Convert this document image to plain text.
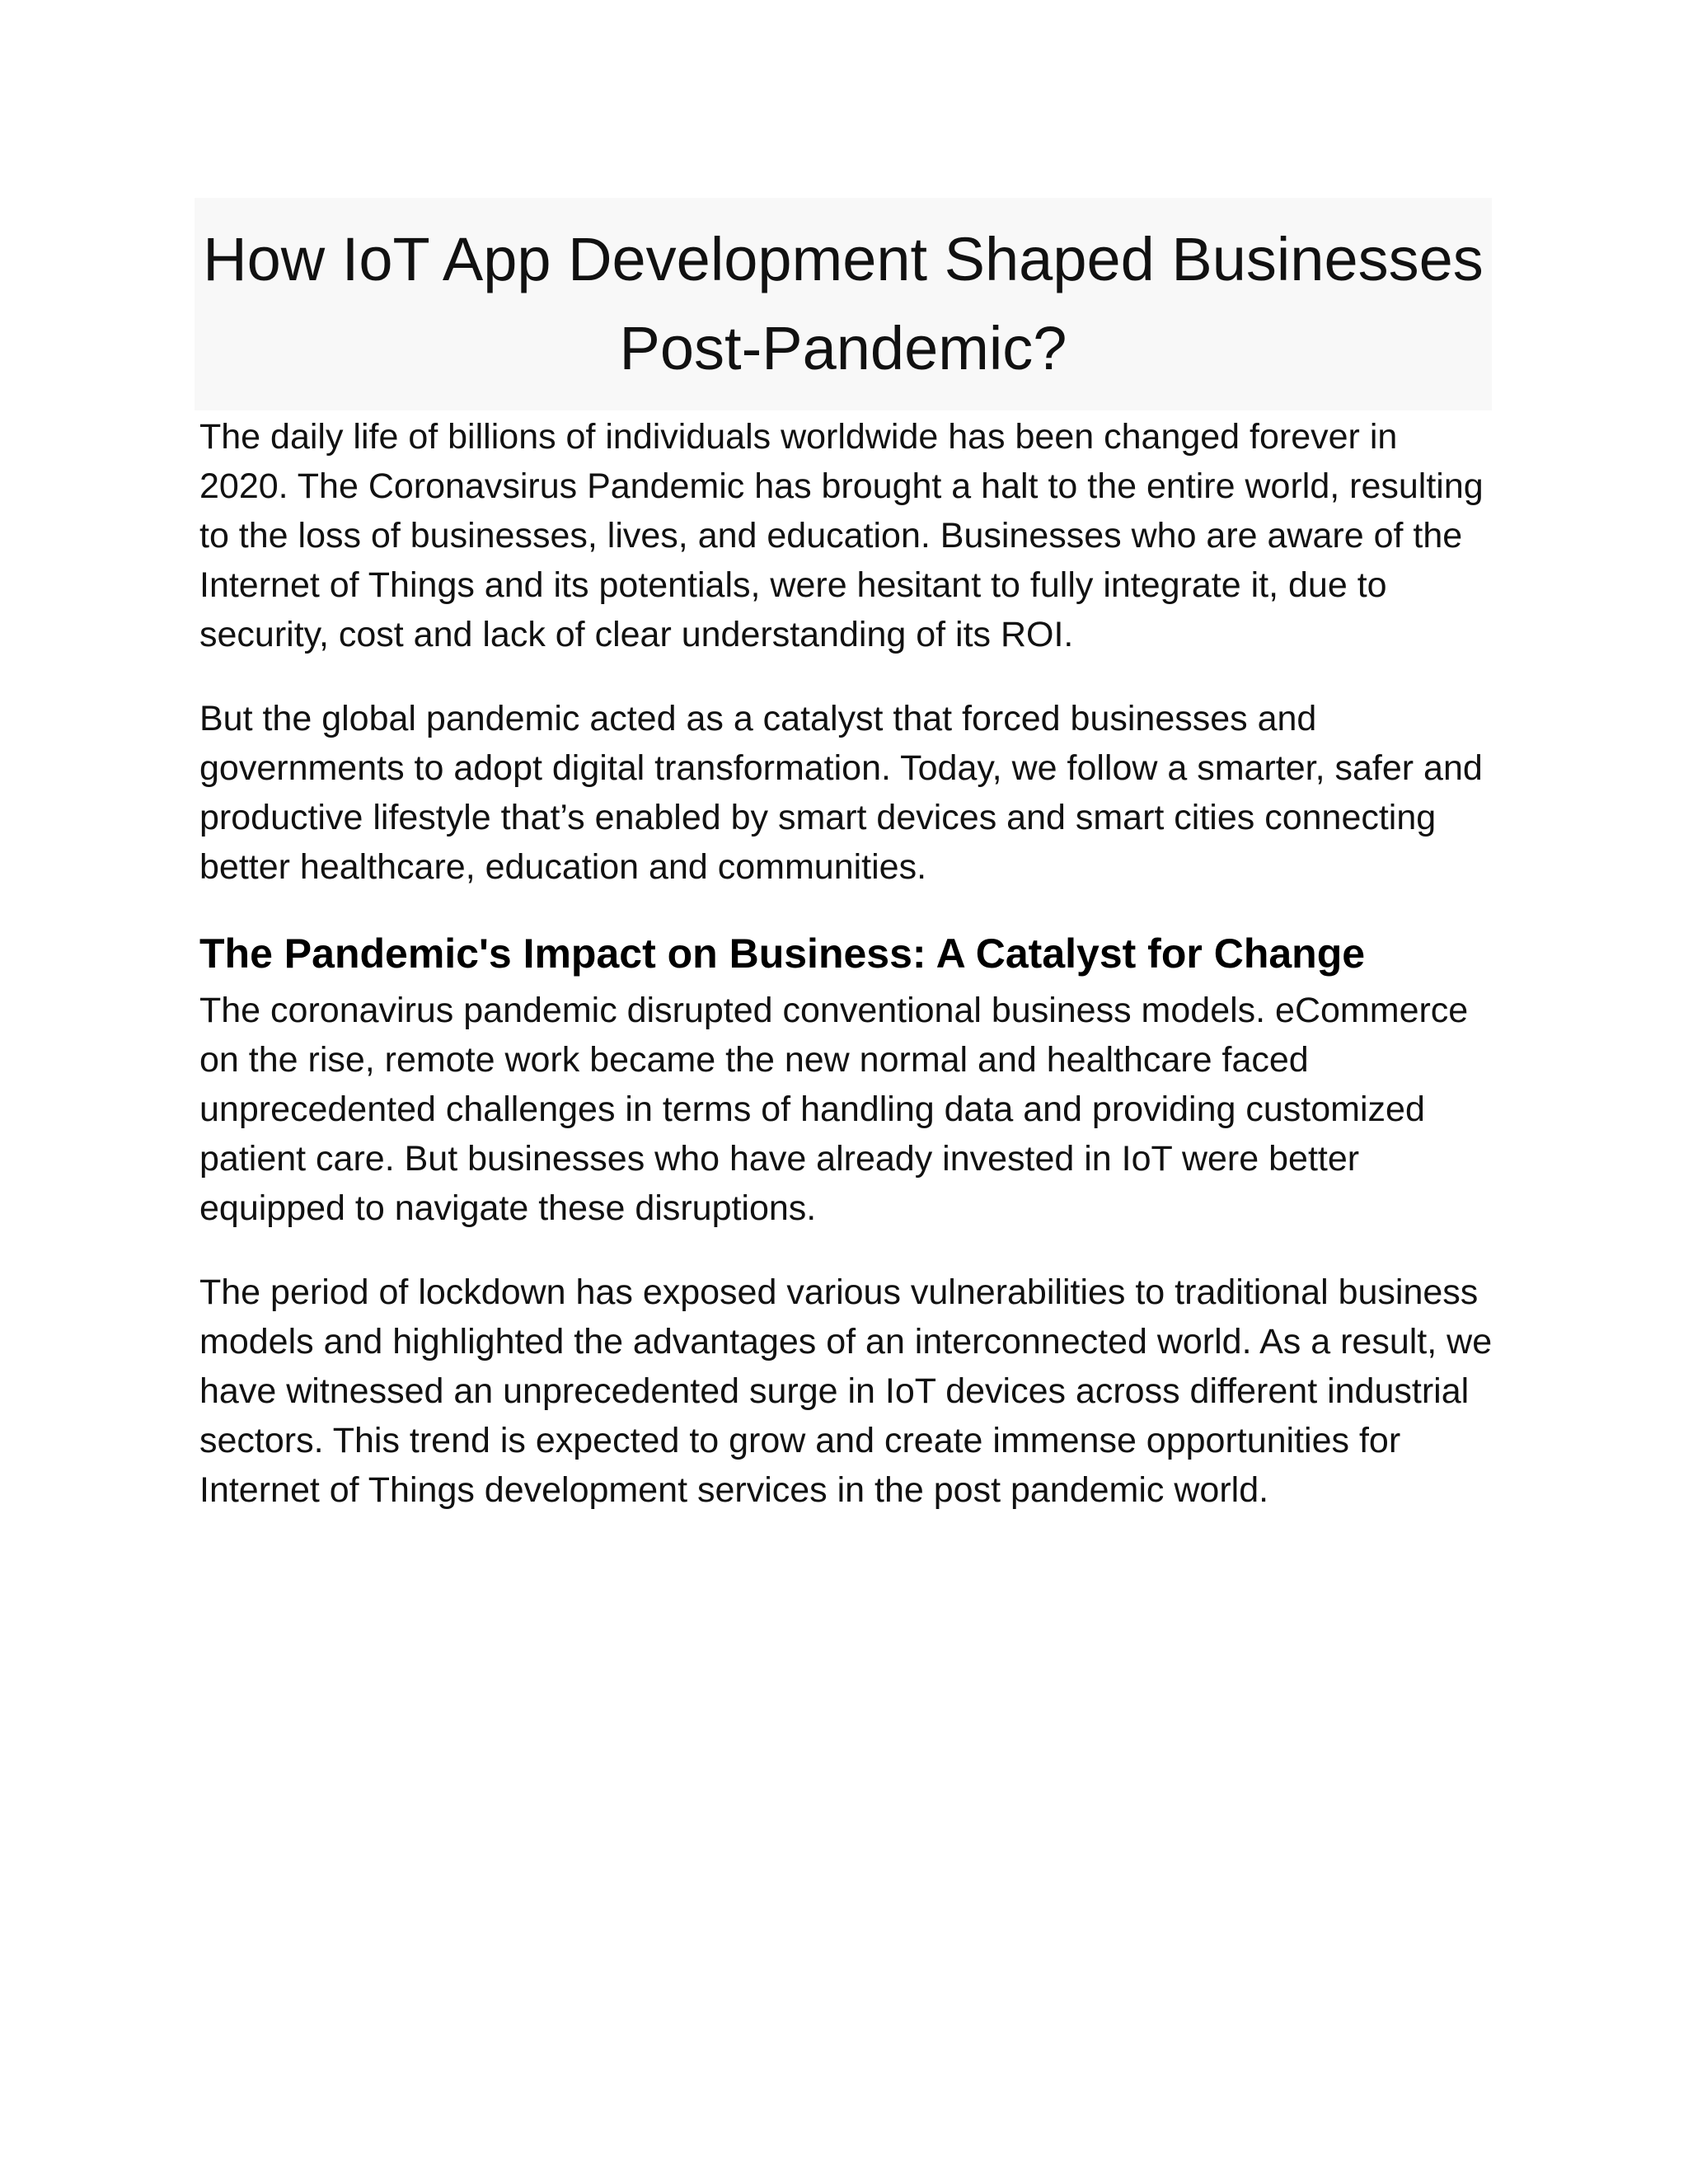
How IoT App Development Shaped Businesses Post-Pandemic?

The daily life of billions of individuals worldwide has been changed forever in 2020. The Coronavsirus Pandemic has brought a halt to the entire world, resulting to the loss of businesses, lives, and education. Businesses who are aware of the Internet of Things and its potentials, were hesitant to fully integrate it, due to security, cost and lack of clear understanding of its ROI.

But the global pandemic acted as a catalyst that forced businesses and governments to adopt digital transformation. Today, we follow a smarter, safer and productive lifestyle that’s enabled by smart devices and smart cities connecting better healthcare, education and communities.

The Pandemic's Impact on Business: A Catalyst for Change

The coronavirus pandemic disrupted conventional business models. eCommerce on the rise, remote work became the new normal and healthcare faced unprecedented challenges in terms of handling data and providing customized patient care. But businesses who have already invested in IoT were better equipped to navigate these disruptions.

The period of lockdown has exposed various vulnerabilities to traditional business models and highlighted the advantages of an interconnected world. As a result, we have witnessed an unprecedented surge in IoT devices across different industrial sectors. This trend is expected to grow and create immense opportunities for Internet of Things development services in the post pandemic world.
